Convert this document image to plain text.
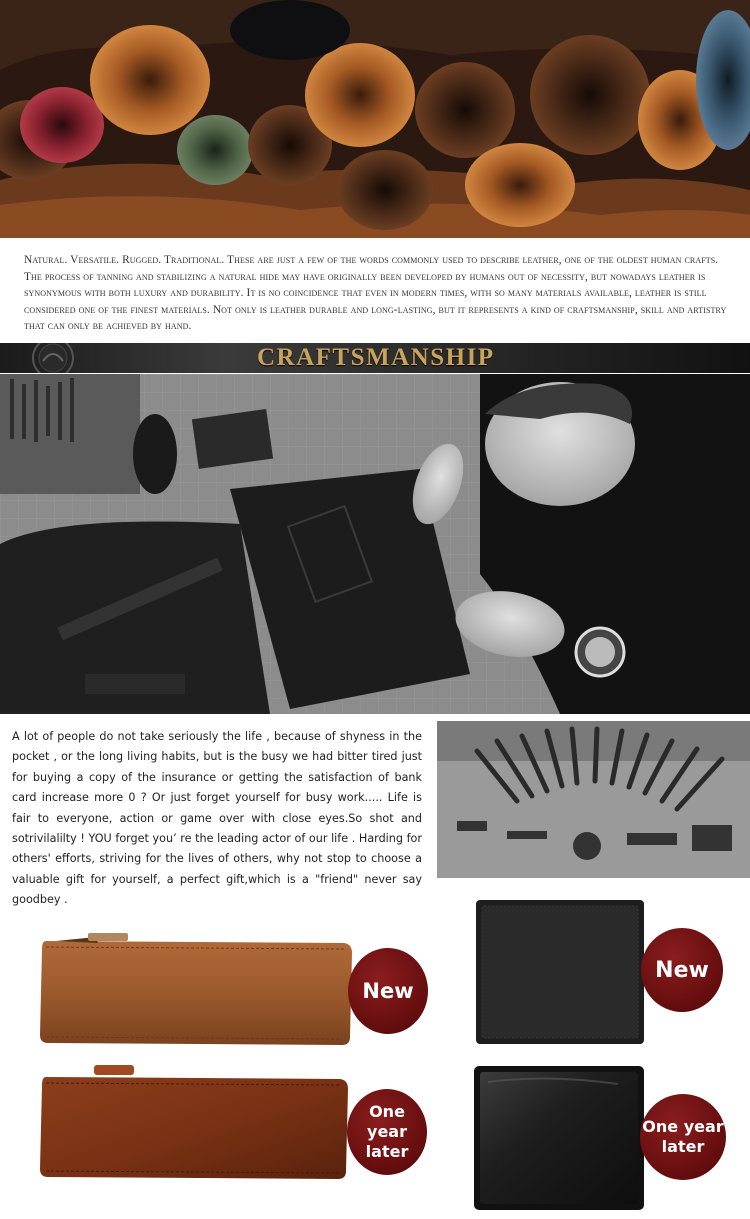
Natural. Versatile. Rugged. Traditional. These are just a few of the words commonly used to describe leather, one of the oldest human crafts. The process of tanning and stabilizing a natural hide may have originally been developed by humans out of necessity, but nowadays leather is synonymous with both luxury and durability. It is no coincidence that even in modern times, with so many materials available, leather is still considered one of the finest materials. Not only is leather durable and long-lasting, but it represents a kind of craftsmanship, skill and artistry that can only be achieved by hand.
CRAFTSMANSHIP
A lot of people do not take seriously the life , because of shyness in the pocket , or the long living habits, but is the busy we had bitter tired just for buying a copy of the insurance or getting the satisfaction of bank card increase more 0 ? Or just forget yourself for busy work..... Life is fair to everyone, action or game over with close eyes.So shot and sotrivilalilty ! YOU forget you’ re the leading actor of our life . Harding for others' efforts, striving for the lives of others, why not stop to choose a valuable gift for yourself, a perfect gift,which is a "friend" never say goodbey .
New
One year later
New
One year later
